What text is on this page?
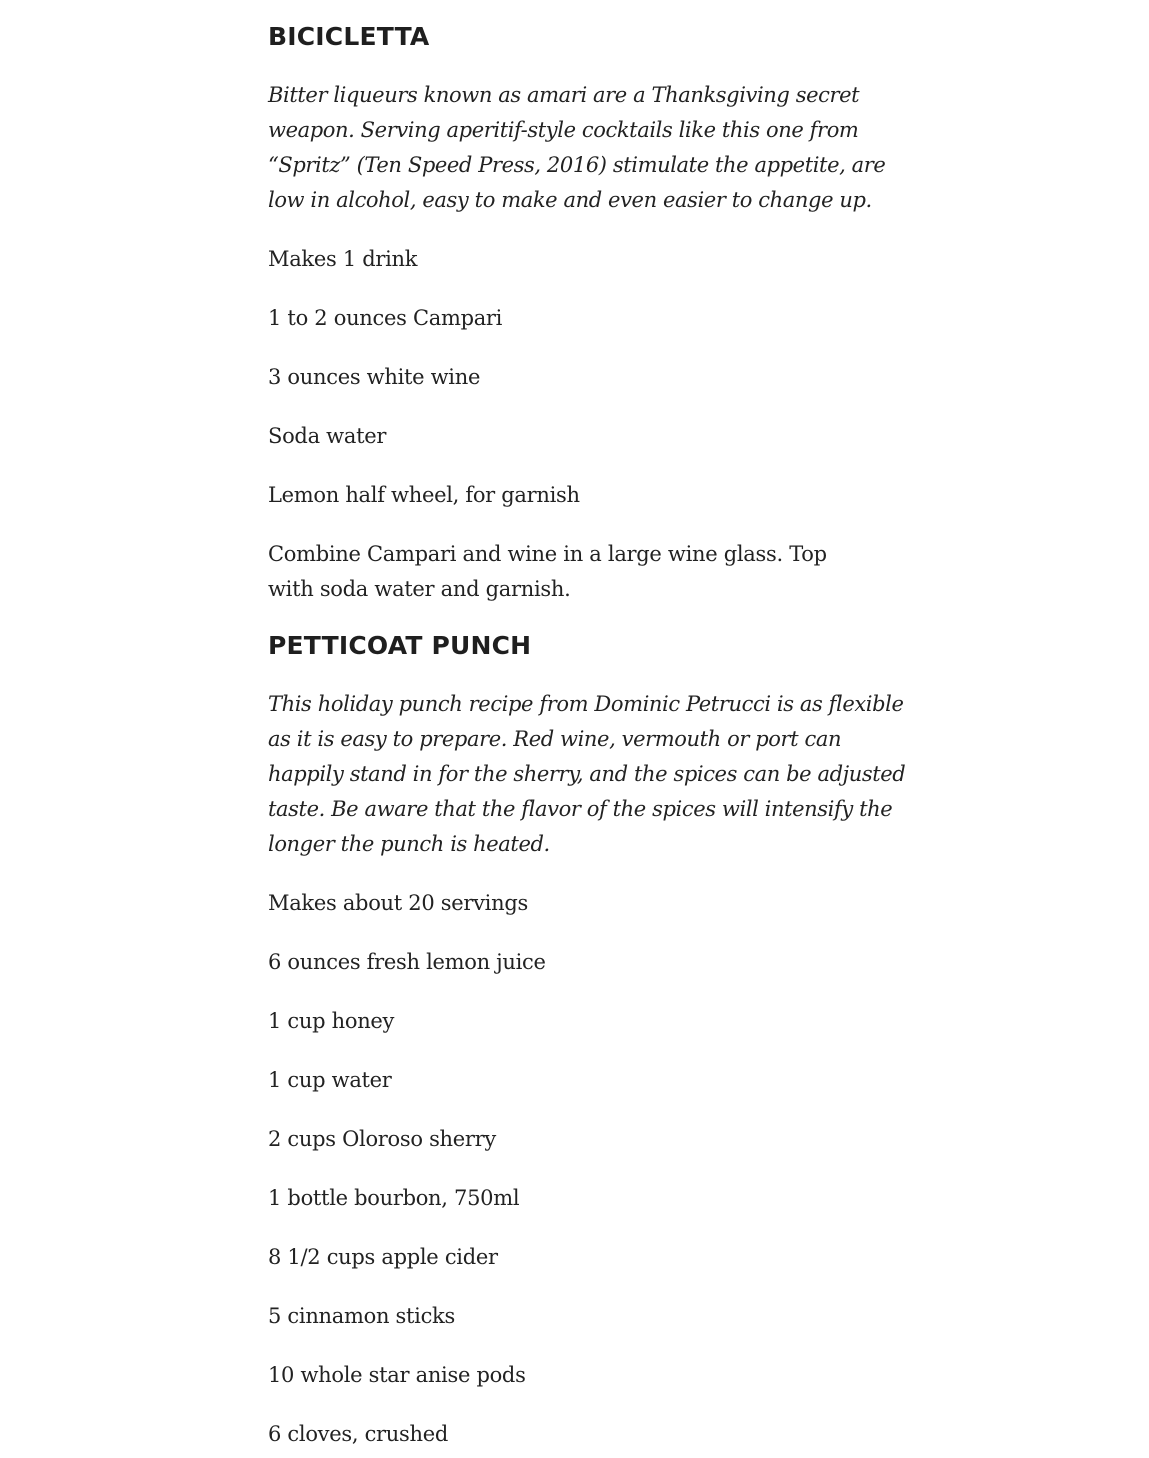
BICICLETTA

Bitter liqueurs known as amari are a Thanksgiving secret weapon. Serving aperitif-style cocktails like this one from “Spritz” (Ten Speed Press, 2016) stimulate the appetite, are low in alcohol, easy to make and even easier to change up.

Makes 1 drink

1 to 2 ounces Campari

3 ounces white wine

Soda water

Lemon half wheel, for garnish

Combine Campari and wine in a large wine glass. Top with soda water and garnish.

PETTICOAT PUNCH

This holiday punch recipe from Dominic Petrucci is as flexible as it is easy to prepare. Red wine, vermouth or port can happily stand in for the sherry, and the spices can be adjusted taste. Be aware that the flavor of the spices will intensify the longer the punch is heated.

Makes about 20 servings

6 ounces fresh lemon juice

1 cup honey

1 cup water

2 cups Oloroso sherry

1 bottle bourbon, 750ml

8 1/2 cups apple cider

5 cinnamon sticks

10 whole star anise pods

6 cloves, crushed
